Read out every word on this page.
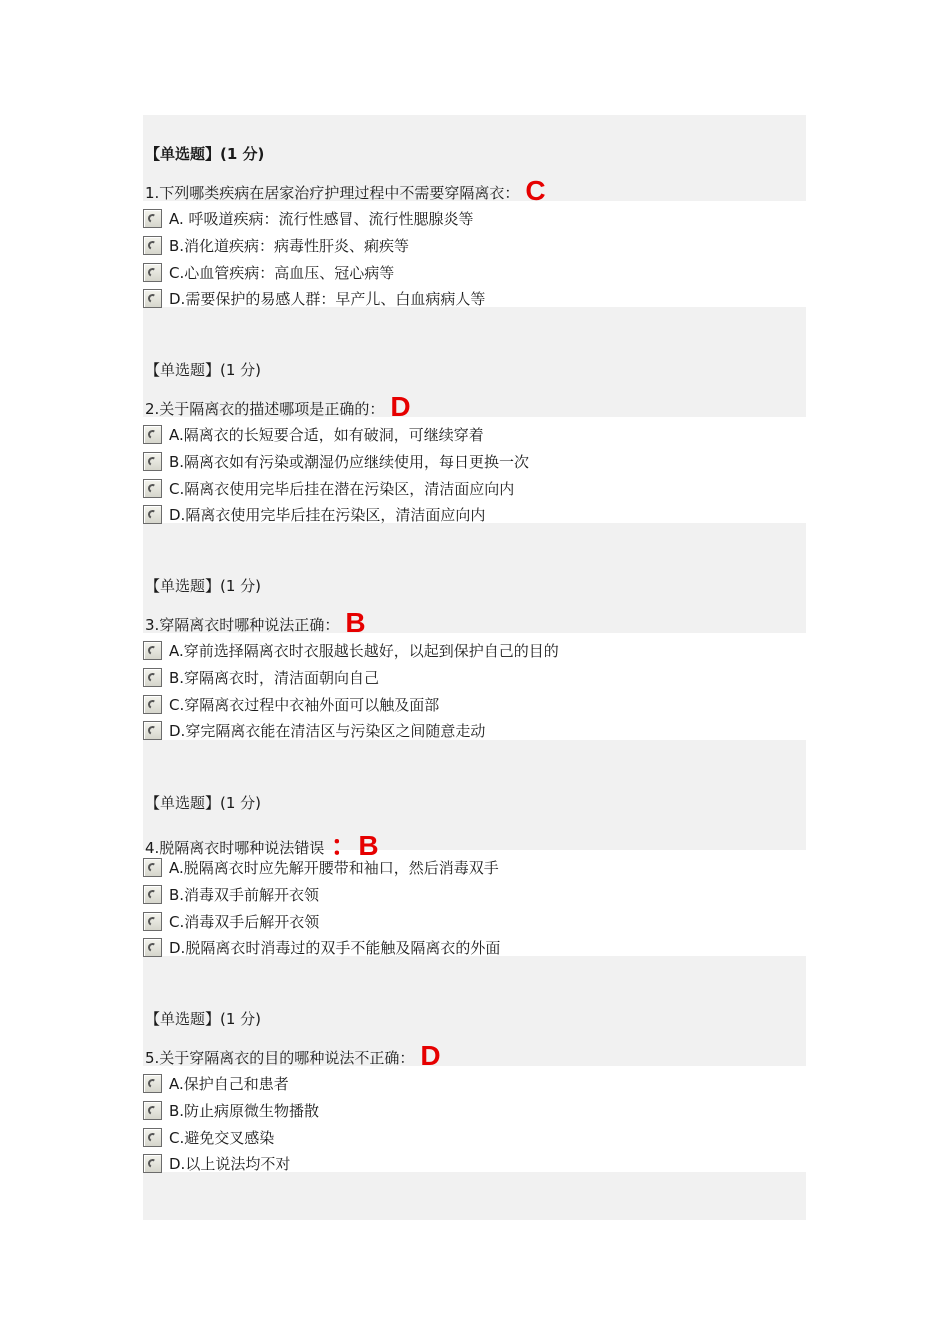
【单选题】(1 分)
1.下列哪类疾病在居家治疗护理过程中不需要穿隔离衣： C
A. 呼吸道疾病：流行性感冒、流行性腮腺炎等
B.消化道疾病：病毒性肝炎、痢疾等
C.心血管疾病：高血压、冠心病等
D.需要保护的易感人群：早产儿、白血病病人等
【单选题】(1 分)
2.关于隔离衣的描述哪项是正确的： D
A.隔离衣的长短要合适，如有破洞，可继续穿着
B.隔离衣如有污染或潮湿仍应继续使用，每日更换一次
C.隔离衣使用完毕后挂在潜在污染区，清洁面应向内
D.隔离衣使用完毕后挂在污染区，清洁面应向内
【单选题】(1 分)
3.穿隔离衣时哪种说法正确： B
A.穿前选择隔离衣时衣服越长越好，以起到保护自己的目的
B.穿隔离衣时，清洁面朝向自己
C.穿隔离衣过程中衣袖外面可以触及面部
D.穿完隔离衣能在清洁区与污染区之间随意走动
【单选题】(1 分)
4.脱隔离衣时哪种说法错误 ：B
A.脱隔离衣时应先解开腰带和袖口，然后消毒双手
B.消毒双手前解开衣领
C.消毒双手后解开衣领
D.脱隔离衣时消毒过的双手不能触及隔离衣的外面
【单选题】(1 分)
5.关于穿隔离衣的目的哪种说法不正确： D
A.保护自己和患者
B.防止病原微生物播散
C.避免交叉感染
D.以上说法均不对
